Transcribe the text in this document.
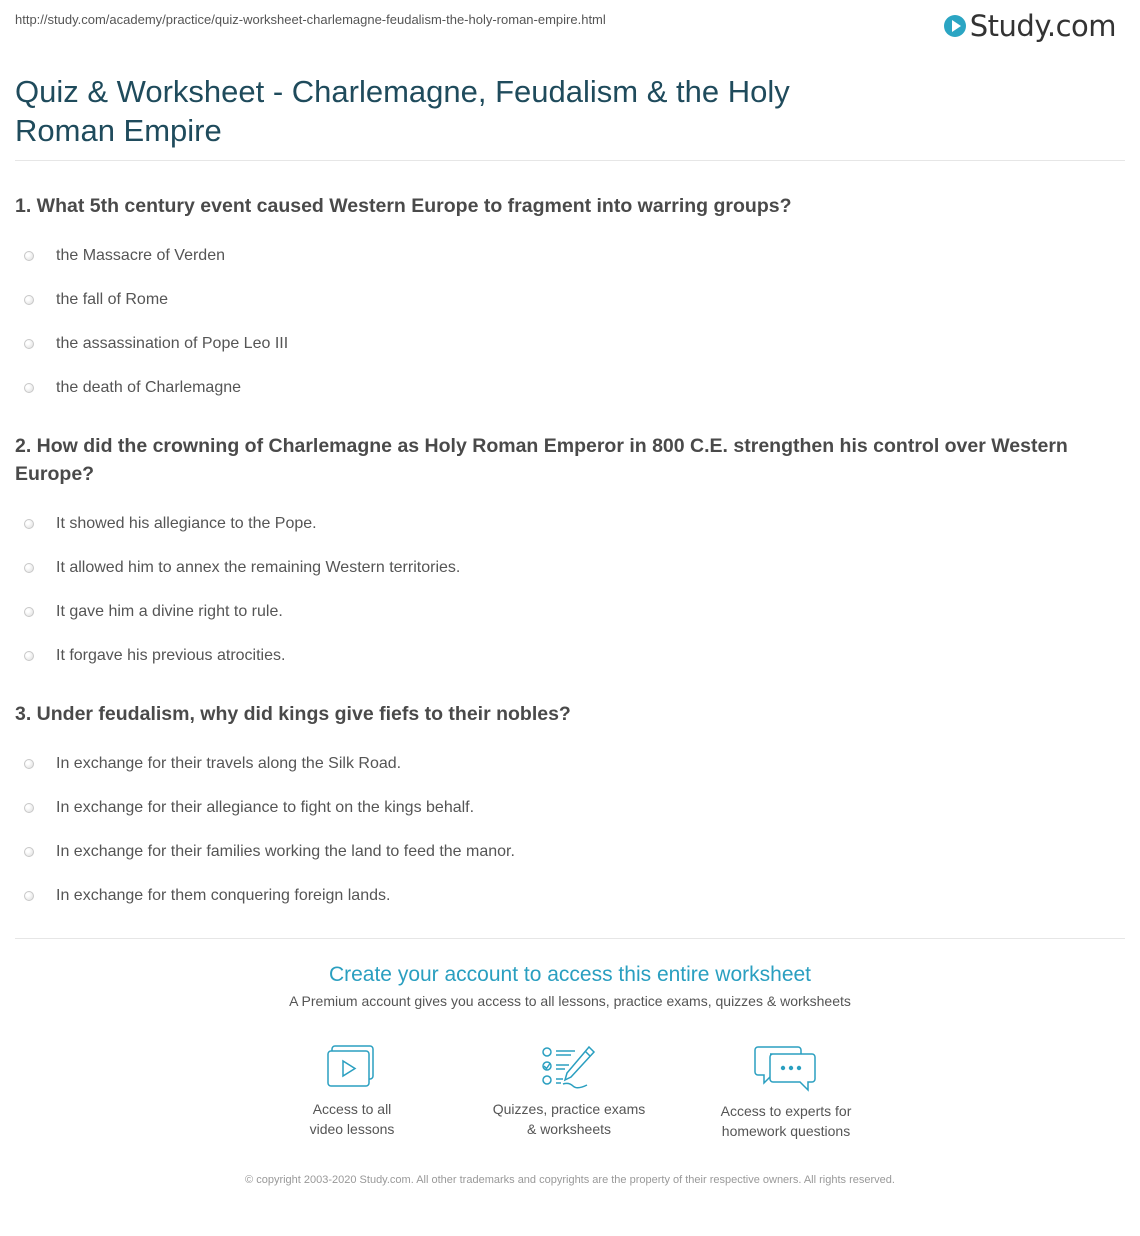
http://study.com/academy/practice/quiz-worksheet-charlemagne-feudalism-the-holy-roman-empire.html	Study.com
Quiz & Worksheet - Charlemagne, Feudalism & the Holy Roman Empire
1. What 5th century event caused Western Europe to fragment into warring groups?
the Massacre of Verden
the fall of Rome
the assassination of Pope Leo III
the death of Charlemagne
2. How did the crowning of Charlemagne as Holy Roman Emperor in 800 C.E. strengthen his control over Western Europe?
It showed his allegiance to the Pope.
It allowed him to annex the remaining Western territories.
It gave him a divine right to rule.
It forgave his previous atrocities.
3. Under feudalism, why did kings give fiefs to their nobles?
In exchange for their travels along the Silk Road.
In exchange for their allegiance to fight on the kings behalf.
In exchange for their families working the land to feed the manor.
In exchange for them conquering foreign lands.
Create your account to access this entire worksheet
A Premium account gives you access to all lessons, practice exams, quizzes & worksheets
Access to all
video lessons
Quizzes, practice exams
& worksheets
Access to experts for
homework questions
© copyright 2003-2020 Study.com. All other trademarks and copyrights are the property of their respective owners. All rights reserved.
